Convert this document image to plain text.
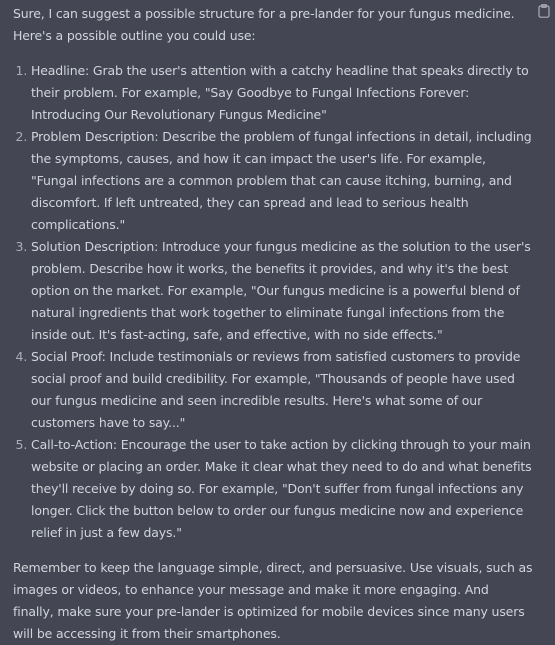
Sure, I can suggest a possible structure for a pre-lander for your fungus medicine. Here's a possible outline you could use:

1. Headline: Grab the user's attention with a catchy headline that speaks directly to their problem. For example, "Say Goodbye to Fungal Infections Forever: Introducing Our Revolutionary Fungus Medicine"
2. Problem Description: Describe the problem of fungal infections in detail, including the symptoms, causes, and how it can impact the user's life. For example, "Fungal infections are a common problem that can cause itching, burning, and discomfort. If left untreated, they can spread and lead to serious health complications."
3. Solution Description: Introduce your fungus medicine as the solution to the user's problem. Describe how it works, the benefits it provides, and why it's the best option on the market. For example, "Our fungus medicine is a powerful blend of natural ingredients that work together to eliminate fungal infections from the inside out. It's fast-acting, safe, and effective, with no side effects."
4. Social Proof: Include testimonials or reviews from satisfied customers to provide social proof and build credibility. For example, "Thousands of people have used our fungus medicine and seen incredible results. Here's what some of our customers have to say..."
5. Call-to-Action: Encourage the user to take action by clicking through to your main website or placing an order. Make it clear what they need to do and what benefits they'll receive by doing so. For example, "Don't suffer from fungal infections any longer. Click the button below to order our fungus medicine now and experience relief in just a few days."

Remember to keep the language simple, direct, and persuasive. Use visuals, such as images or videos, to enhance your message and make it more engaging. And finally, make sure your pre-lander is optimized for mobile devices since many users will be accessing it from their smartphones.
